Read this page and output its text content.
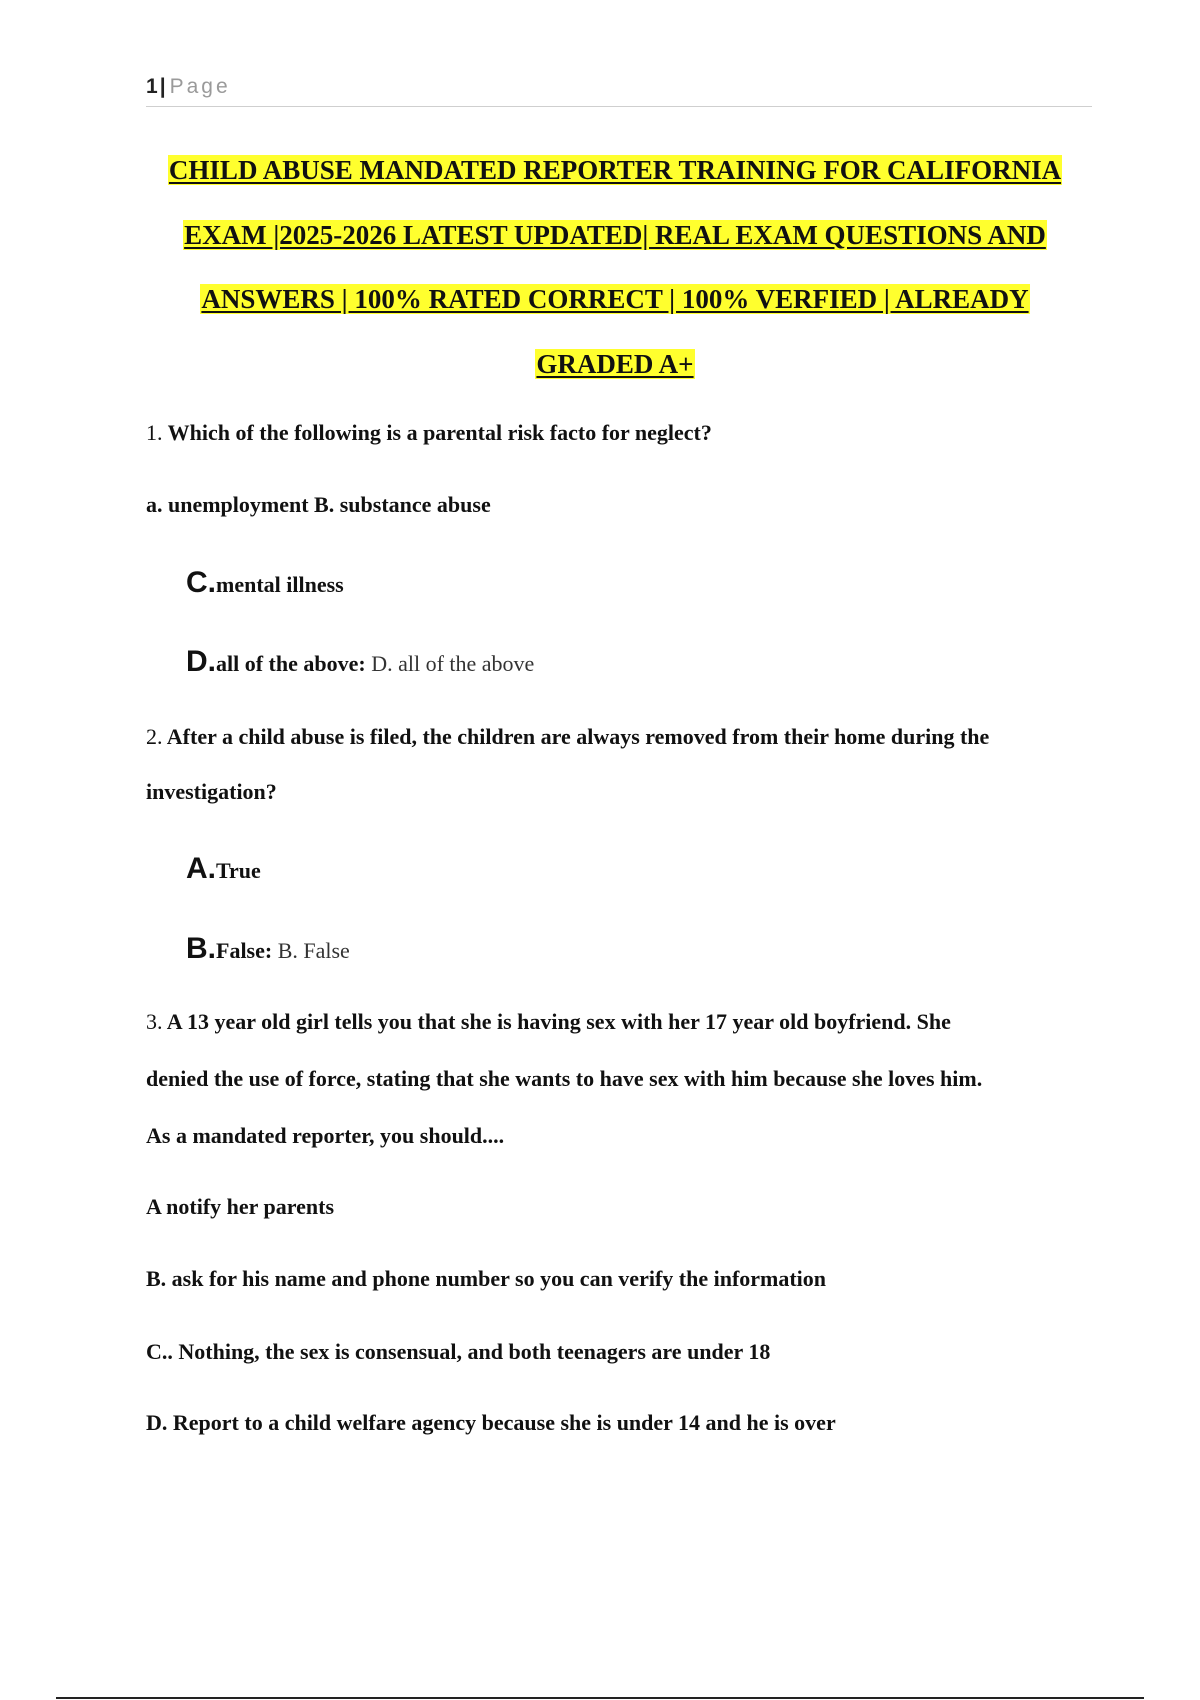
1| Page
CHILD ABUSE MANDATED REPORTER TRAINING FOR CALIFORNIA
EXAM |2025-2026 LATEST UPDATED| REAL EXAM QUESTIONS AND
ANSWERS | 100% RATED CORRECT | 100% VERFIED | ALREADY
GRADED A+
1. Which of the following is a parental risk facto for neglect?
a. unemployment B. substance abuse
C.mental illness
D.all of the above: D. all of the above
2. After a child abuse is filed, the children are always removed from their home during the
investigation?
A.True
B.False: B. False
3. A 13 year old girl tells you that she is having sex with her 17 year old boyfriend. She
denied the use of force, stating that she wants to have sex with him because she loves him.
As a mandated reporter, you should....
A notify her parents
B. ask for his name and phone number so you can verify the information
C.. Nothing, the sex is consensual, and both teenagers are under 18
D. Report to a child welfare agency because she is under 14 and he is over
